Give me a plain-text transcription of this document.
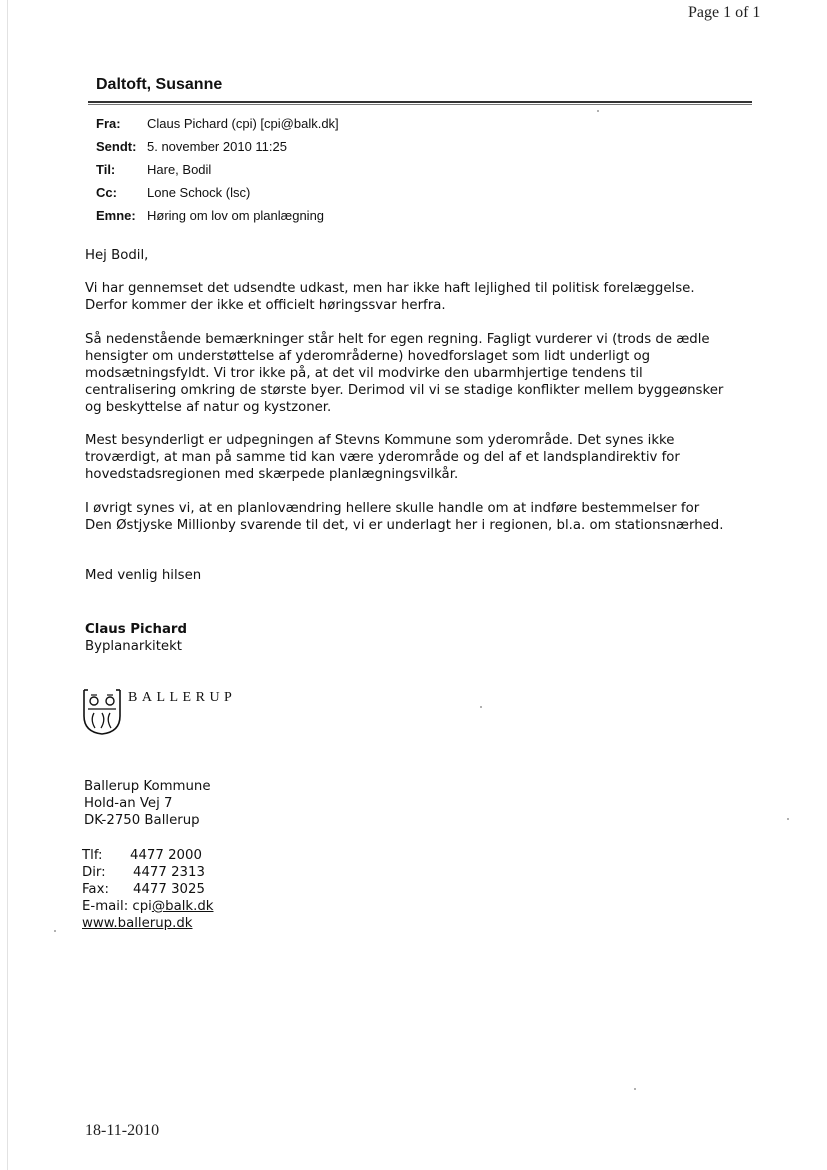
Page 1 of 1
Daltoft, Susanne
Fra:	Claus Pichard (cpi) [cpi@balk.dk]
Sendt: 5. november 2010 11:25
Til:	Hare, Bodil
Cc:	Lone Schock (lsc)
Emne: Høring om lov om planlægning

Hej Bodil,

Vi har gennemset det udsendte udkast, men har ikke haft lejlighed til politisk forelæggelse.

Derfor kommer der ikke et officielt høringssvar herfra.

Så nedenstående bemærkninger står helt for egen regning. Fagligt vurderer vi (trods de ædle

hensigter om understøttelse af yderområderne) hovedforslaget som lidt underligt og

modsætningsfyldt. Vi tror ikke på, at det vil modvirke den ubarmhjertige tendens til

centralisering omkring de største byer. Derimod vil vi se stadige konflikter mellem byggeønsker

og beskyttelse af natur og kystzoner.

Mest besynderligt er udpegningen af Stevns Kommune som yderområde. Det synes ikke

troværdigt, at man på samme tid kan være yderområde og del af et landsplandirektiv for

hovedstadsregionen med skærpede planlægningsvilkår.

I øvrigt synes vi, at en planlovændring hellere skulle handle om at indføre bestemmelser for

Den Østjyske Millionby svarende til det, vi er underlagt her i regionen, bl.a. om stationsnærhed.

Med venlig hilsen

Claus Pichard

Byplanarkitekt

BALLERUP
Ballerup Kommune
Hold-an Vej 7
DK-2750 Ballerup
Tlf:	4477 2000
Dir:	4477 2313
Fax:	4477 3025
E-mail: cpi@balk.dk
www.ballerup.dk
18-11-2010
